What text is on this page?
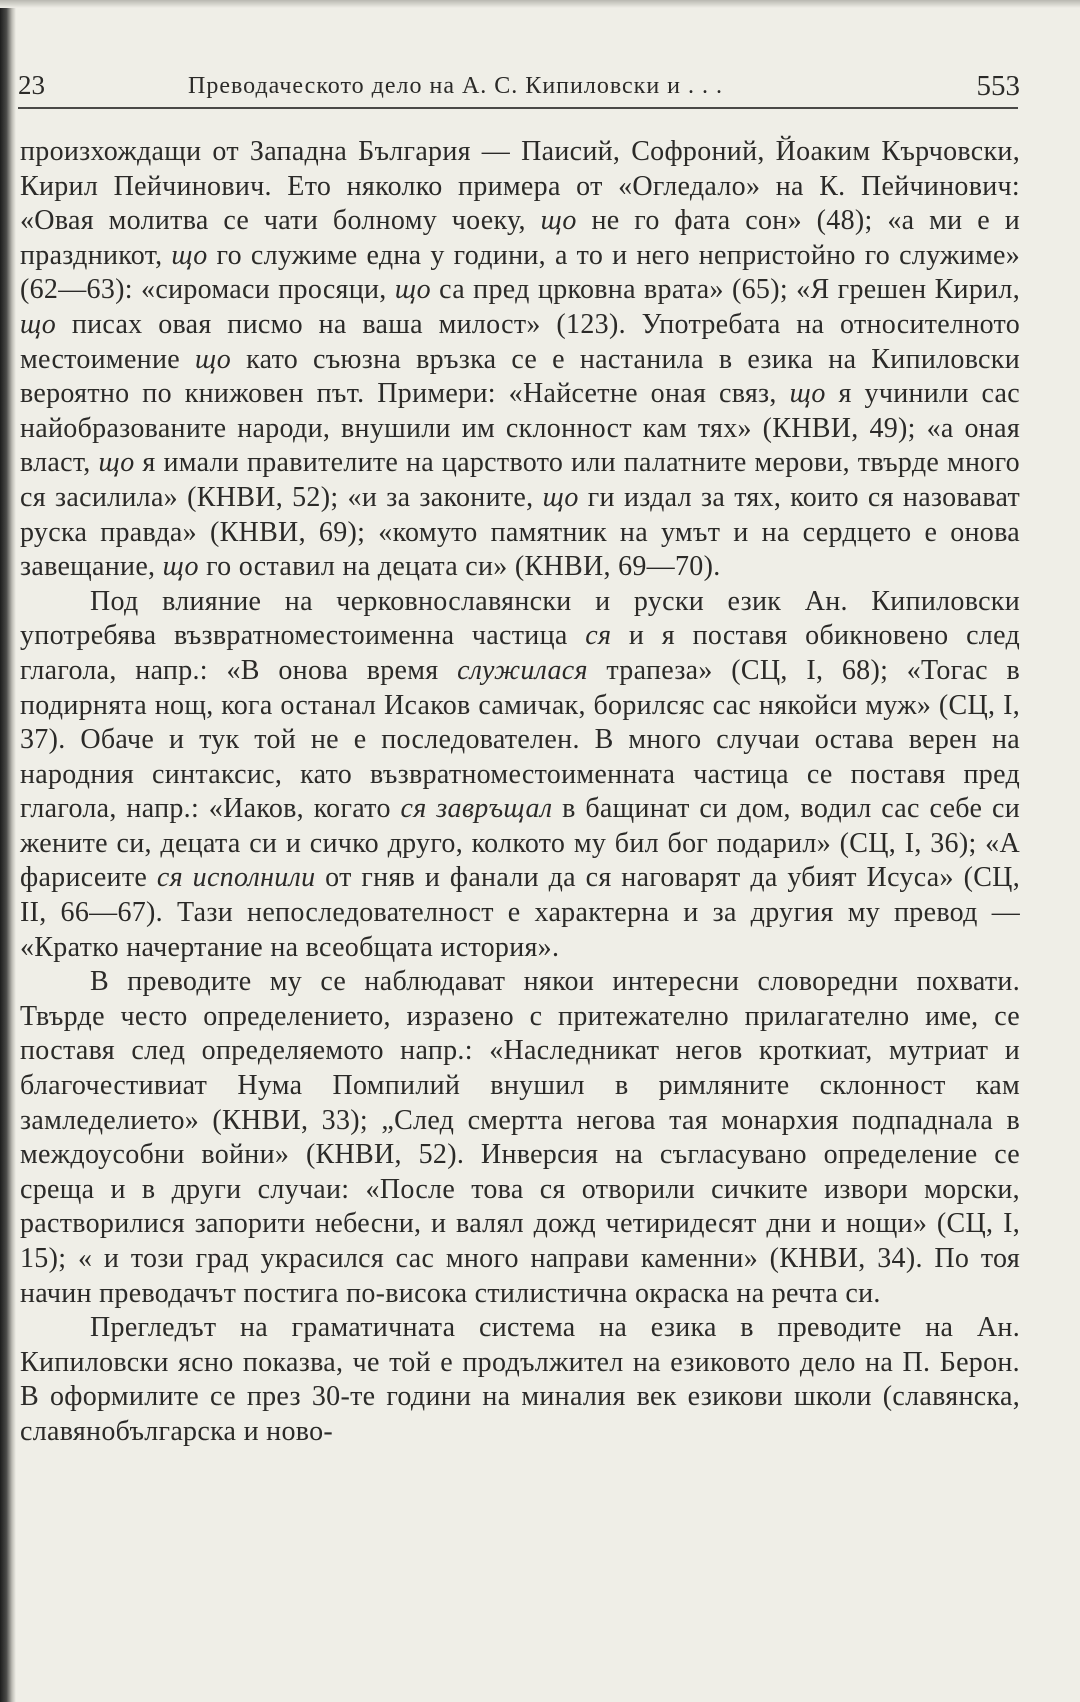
23	Преводаческото дело на А. С. Кипиловски и . . .	553

произхождащи от Западна България — Паисий, Софроний, Йоаким Кърчовски, Кирил Пейчинович. Ето няколко примера от «Огледало» на К. Пейчинович: «Овая молитва се чати болному чоеку, що не го фата сон» (48); «а ми е и праздникот, що го служиме една у години, а то и него непристойно го служиме» (62—63): «сиромаси просяци, що са пред црковна врата» (65); «Я грешен Кирил, що писах овая писмо на ваша милост» (123). Употребата на относителното местоимение що като съюзна връзка се е настанила в езика на Кипиловски вероятно по книжовен път. Примери: «Найсетне оная связ, що я учинили сас найобразованите народи, внушили им склонност кам тях» (КНВИ, 49); «а оная власт, що я имали правителите на царството или палатните мерови, твърде много ся засилила» (КНВИ, 52); «и за законите, що ги издал за тях, които ся назовават руска правда» (КНВИ, 69); «комуто памятник на умът и на сердцето е онова завещание, що го оставил на децата си» (КНВИ, 69—70).

Под влияние на черковнославянски и руски език Ан. Кипиловски употребява възвратноместоименна частица ся и я поставя обикновено след глагола, напр.: «В онова время служилася трапеза» (СЦ, I, 68); «Тогас в подирнята нощ, кога останал Исаков самичак, борилсяс сас някойси муж» (СЦ, I, 37). Обаче и тук той не е последователен. В много случаи остава верен на народния синтаксис, като възвратноместоименната частица се поставя пред глагола, напр.: «Иаков, когато ся завръщал в бащинат си дом, водил сас себе си жените си, децата си и сичко друго, колкото му бил бог подарил» (СЦ, I, 36); «А фарисеите ся исполнили от гняв и фанали да ся наговарят да убият Исуса» (СЦ, II, 66—67). Тази непоследователност е характерна и за другия му превод — «Кратко начертание на всеобщата история».

В преводите му се наблюдават някои интересни словоредни похвати. Твърде често определението, изразено с притежателно прилагателно име, се поставя след определяемото напр.: «Наследникат негов кроткиат, мутриат и благочестивиат Нума Помпилий внушил в римляните склонност кам замледелието» (КНВИ, 33); „След смертта негова тая монархия подпаднала в междоусобни войни» (КНВИ, 52). Инверсия на съгласувано определение се среща и в други случаи: «После това ся отворили сичките извори морски, растворилися запорити небесни, и валял дожд четиридесят дни и нощи» (СЦ, I, 15); « и този град украсился сас много направи каменни» (КНВИ, 34). По тоя начин преводачът постига по-висока стилистична окраска на речта си.

Прегледът на граматичната система на езика в преводите на Ан. Кипиловски ясно показва, че той е продължител на езиковото дело на П. Берон. В оформилите се през 30-те години на миналия век езикови школи (славянска, славянобългарска и ново-
